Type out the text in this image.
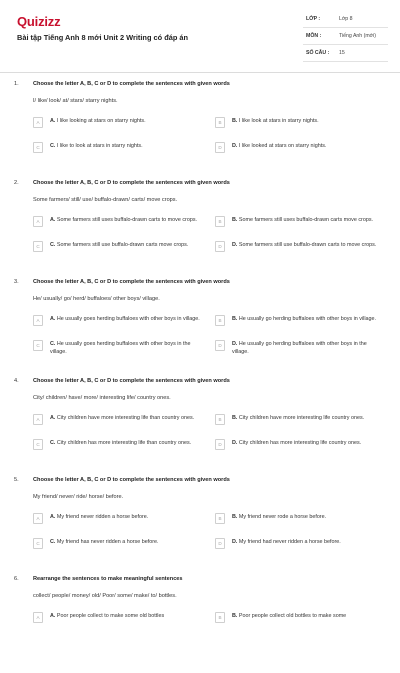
Quizizz
Bài tập Tiếng Anh 8 mới Unit 2 Writing có đáp án
LỚP :	Lớp 8
MÔN :	Tiếng Anh (mới)
SỐ CÂU : 15
1.	Choose the letter A, B, C or D to complete the sentences with given words
I/ like/ look/ at/ stars/ starry nights.
A	A. I like looking at stars on starry nights.	B	B. I like look at stars in starry nights.
C	C. I like to look at stars in starry nights.	D	D. I like looked at stars on starry nights.
2.	Choose the letter A, B, C or D to complete the sentences with given words
Some farmers/ still/ use/ buffalo-drawn/ carts/ move crops.
A	A. Some farmers still uses buffalo-drawn carts to move crops.	B	B. Some farmers still uses buffalo-drawn carts move crops.
C	C. Some farmers still use buffalo-drawn carts move crops.	D	D. Some farmers still use buffalo-drawn carts to move crops.
3.	Choose the letter A, B, C or D to complete the sentences with given words
He/ usually/ go/ herd/ buffaloes/ other boys/ village.
A	A. He usually goes herding buffaloes with other boys in village.	B	B. He usually go herding buffaloes with other boys in village.
C	C. He usually goes herding buffaloes with other boys in the village.
D	D. He usually go herding buffaloes with other boys in the village.
4.	Choose the letter A, B, C or D to complete the sentences with given words
City/ children/ have/ more/ interesting life/ country ones.
A	A. City children have more interesting life than country ones.	B	B. City children have more interesting life country ones.
C	C. City children has more interesting life than country ones.	D	D. City children has more interesting life country ones.
5.	Choose the letter A, B, C or D to complete the sentences with given words
My friend/ never/ ride/ horse/ before.
A	A. My friend never ridden a horse before.	B	B. My friend never rode a horse before.
C	C. My friend has never ridden a horse before.	D	D. My friend had never ridden a horse before.
6.	Rearrange the sentences to make meaningful sentences
collect/ people/ money/ old/ Poor/ some/ make/ to/ bottles.
A	A. Poor people collect to make some old bottles	B	B. Poor people collect old bottles to make some
